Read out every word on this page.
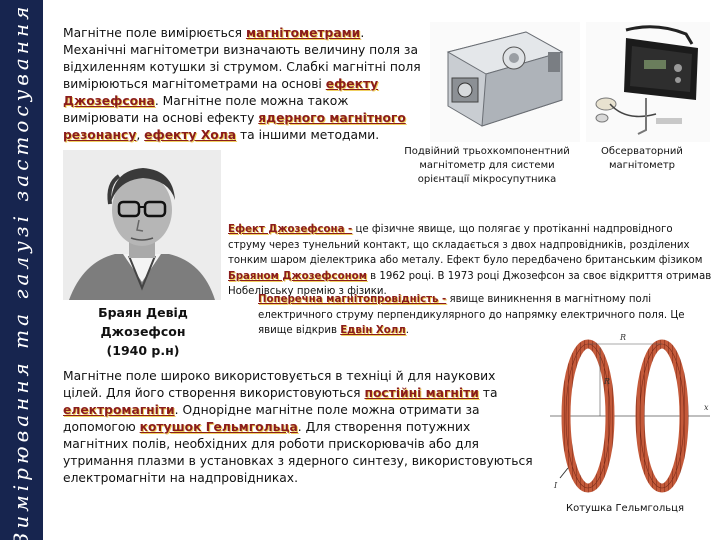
Вимірювання та галузі застосування Магнітне поле вимірюється магнітометрами. Механічні магнітометри визначають величину поля за відхиленням котушки зі струмом. Слабкі магнітні поля вимірюються магнітометрами на основі ефекту Джозефсона. Магнітне поле можна також вимірювати на основі ефекту ядерного магнітного резонансу, ефекту Хола та іншими методами.
Подвійний трьохкомпонентний магнітометр для системи орієнтації мікросупутника
Обсерваторний магнітометр
Браян Девід Джозефсон
(1940 р.н)
Ефект Джозефсона - це фізичне явище, що полягає у протіканні надпровідного струму через тунельний контакт, що складається з двох надпровідників, розділених тонким шаром діелектрика або металу. Ефект було передбачено британським фізиком Браяном Джозефсоном в 1962 році. В 1973 році Джозефсон за своє відкриття отримав Нобелівську премію з фізики.
Поперечна магнітопровідність - явище виникнення в магнітному полі електричного струму перпендикулярного до напрямку електричного поля. Це явище відкрив Едвін Холл.
Магнітне поле широко використовується в техніці й для наукових цілей. Для його створення використовуються постійні магніти та електромагніти. Однорідне магнітне поле можна отримати за допомогою котушок Гельмгольца. Для створення потужних магнітних полів, необхідних для роботи прискорювачів або для утримання плазми в установках з ядерного синтезу, використовуються електромагніти на надпровідниках.
x
R
R
I
Котушка Гельмгольця
